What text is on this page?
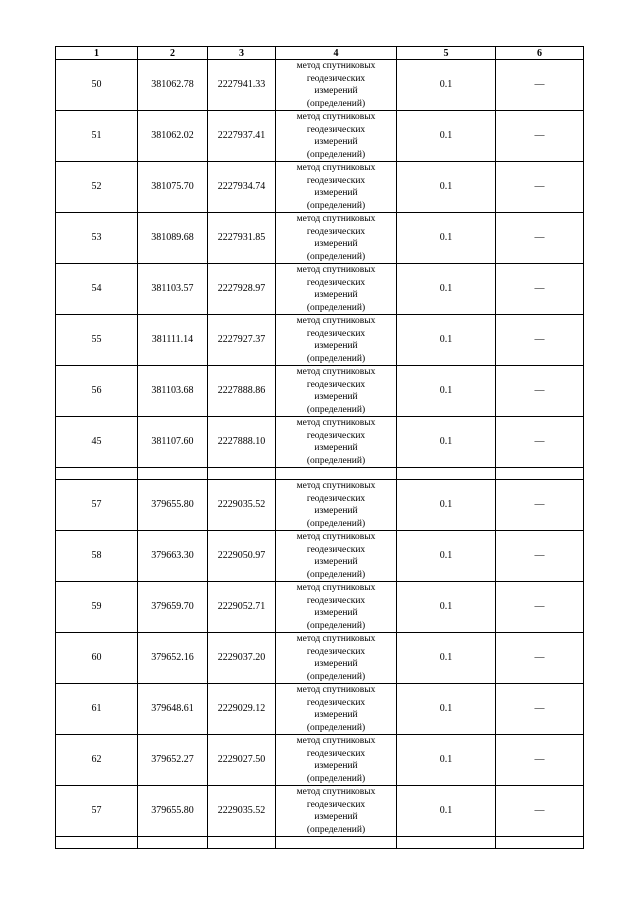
1	2	3	4	5	6
50	381062.78	2227941.33	метод спутниковых
геодезических
измерений
(определений)	0.1	—
51	381062.02	2227937.41	метод спутниковых
геодезических
измерений
(определений)	0.1	—
52	381075.70	2227934.74	метод спутниковых
геодезических
измерений
(определений)	0.1	—
53	381089.68	2227931.85	метод спутниковых
геодезических
измерений
(определений)	0.1	—
54	381103.57	2227928.97	метод спутниковых
геодезических
измерений
(определений)	0.1	—
55	381111.14	2227927.37	метод спутниковых
геодезических
измерений
(определений)	0.1	—
56	381103.68	2227888.86	метод спутниковых
геодезических
измерений
(определений)	0.1	—
45	381107.60	2227888.10	метод спутниковых
геодезических
измерений
(определений)	0.1	—

57	379655.80	2229035.52	метод спутниковых
геодезических
измерений
(определений)	0.1	—
58	379663.30	2229050.97	метод спутниковых
геодезических
измерений
(определений)	0.1	—
59	379659.70	2229052.71	метод спутниковых
геодезических
измерений
(определений)	0.1	—
60	379652.16	2229037.20	метод спутниковых
геодезических
измерений
(определений)	0.1	—
61	379648.61	2229029.12	метод спутниковых
геодезических
измерений
(определений)	0.1	—
62	379652.27	2229027.50	метод спутниковых
геодезических
измерений
(определений)	0.1	—
57	379655.80	2229035.52	метод спутниковых
геодезических
измерений
(определений)	0.1	—
